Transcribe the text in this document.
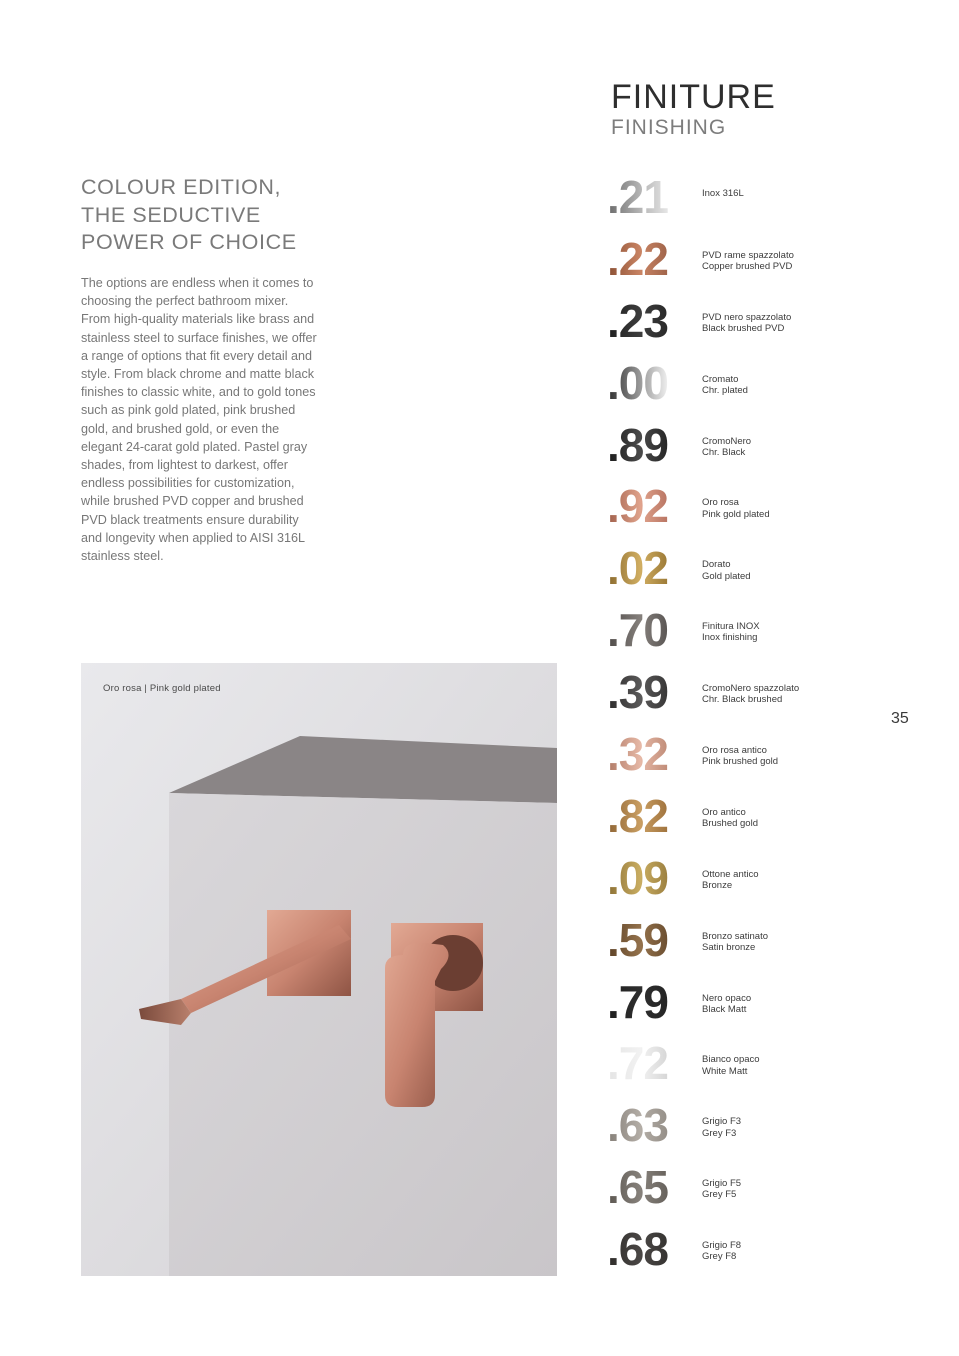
COLOUR EDITION,
THE SEDUCTIVE
POWER OF CHOICE
The options are endless when it comes to choosing the perfect bathroom mixer. From high-quality materials like brass and stainless steel to surface finishes, we offer a range of options that fit every detail and style. From black chrome and matte black finishes to classic white, and to gold tones such as pink gold plated, pink brushed gold, and brushed gold, or even the elegant 24-carat gold plated. Pastel gray shades, from lightest to darkest, offer endless possibilities for customization, while brushed PVD copper and brushed PVD black treatments ensure durability and longevity when applied to AISI 316L stainless steel.
Oro rosa | Pink gold plated
FINITURE
FINISHING
.21	Inox 316L
.22	PVD rame spazzolato
Copper brushed PVD
.23	PVD nero spazzolato
Black brushed PVD
.00	Cromato
Chr. plated
.89	CromoNero
Chr. Black
.92	Oro rosa
Pink gold plated
.02	Dorato
Gold plated
.70	Finitura INOX
Inox finishing
.39	CromoNero spazzolato
Chr. Black brushed
.32	Oro rosa antico
Pink brushed gold
.82	Oro antico
Brushed gold
.09	Ottone antico
Bronze
.59	Bronzo satinato
Satin bronze
.79	Nero opaco
Black Matt
.72	Bianco opaco
White Matt
.63	Grigio F3
Grey F3
.65	Grigio F5
Grey F5
.68	Grigio F8
Grey F8
35
